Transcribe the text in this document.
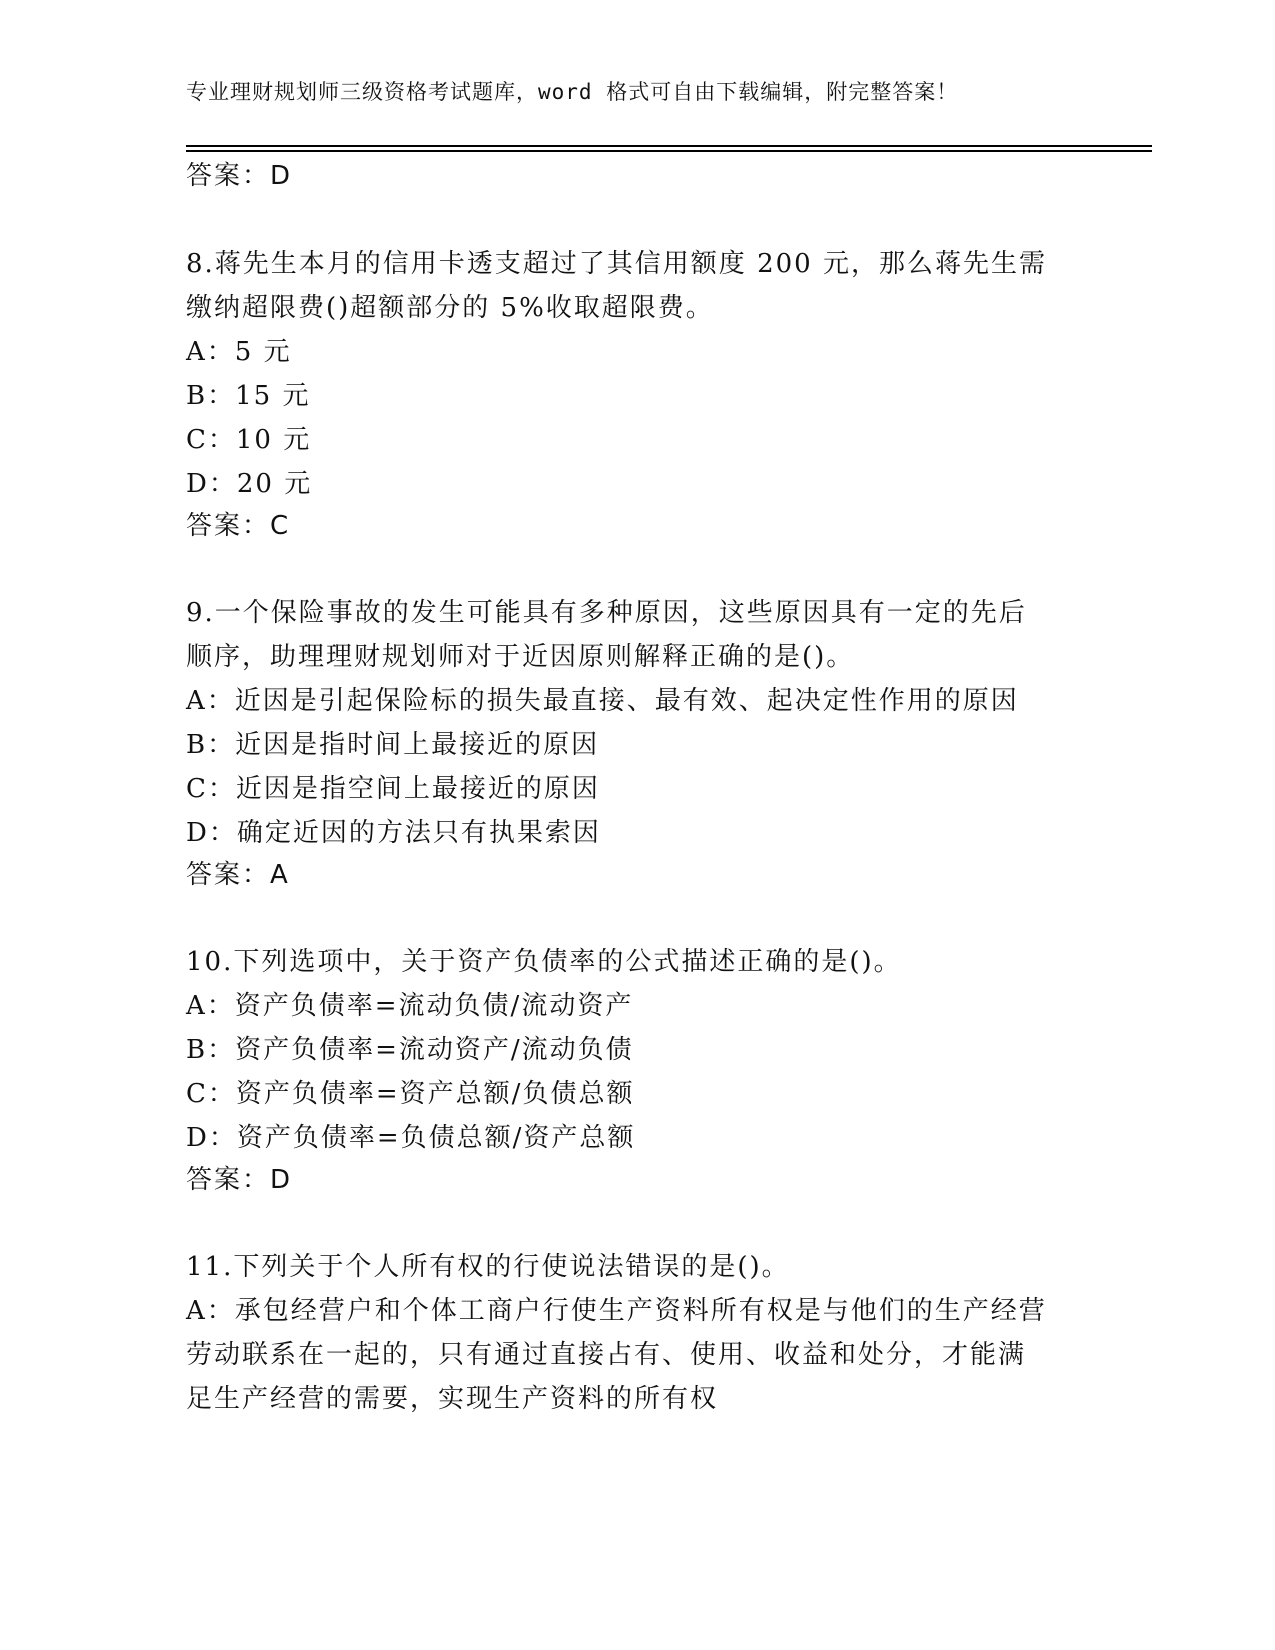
专业理财规划师三级资格考试题库，word 格式可自由下载编辑，附完整答案！
答案：D
8.蒋先生本月的信用卡透支超过了其信用额度 200 元，那么蒋先生需
缴纳超限费()超额部分的 5%收取超限费。
A：5 元
B：15 元
C：10 元
D：20 元
答案：C
9.一个保险事故的发生可能具有多种原因，这些原因具有一定的先后
顺序，助理理财规划师对于近因原则解释正确的是()。
A：近因是引起保险标的损失最直接、最有效、起决定性作用的原因
B：近因是指时间上最接近的原因
C：近因是指空间上最接近的原因
D：确定近因的方法只有执果索因
答案：A
10.下列选项中，关于资产负债率的公式描述正确的是()。
A：资产负债率=流动负债/流动资产
B：资产负债率=流动资产/流动负债
C：资产负债率=资产总额/负债总额
D：资产负债率=负债总额/资产总额
答案：D
11.下列关于个人所有权的行使说法错误的是()。
A：承包经营户和个体工商户行使生产资料所有权是与他们的生产经营
劳动联系在一起的，只有通过直接占有、使用、收益和处分，才能满
足生产经营的需要，实现生产资料的所有权
